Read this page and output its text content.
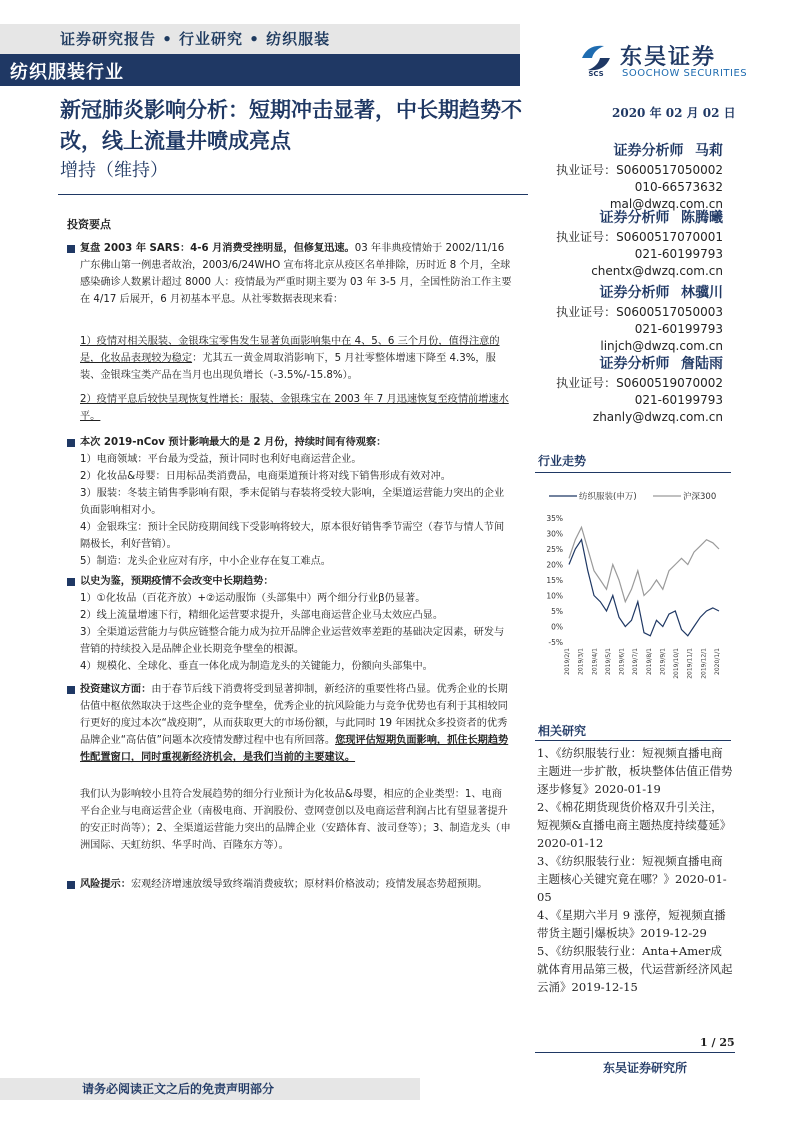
证券研究报告 • 行业研究 • 纺织服装
纺织服装行业	SCS
东吴证券
SOOCHOW SECURITIES
新冠肺炎影响分析：短期冲击显著，中长期趋势不改，线上流量井喷成亮点
增持（维持）
2020 年 02 月 02 日
证券分析师 马莉
执业证号：S0600517050002
010-66573632
mal@dwzq.com.cn
证券分析师 陈腾曦
执业证号：S0600517070001
021-60199793
chentx@dwzq.com.cn
证券分析师 林骥川
执业证号：S0600517050003
021-60199793
linjch@dwzq.com.cn
证券分析师 詹陆雨
执业证号：S0600519070002
021-60199793
zhanly@dwzq.com.cn
投资要点
复盘 2003 年 SARS：4-6 月消费受挫明显，但修复迅速。03 年非典疫情始于 2002/11/16 广东佛山第一例患者故治，2003/6/24WHO 宣布将北京从疫区名单排除，历时近 8 个月，全球感染确诊人数累计超过 8000 人：疫情最为严重时期主要为 03 年 3-5 月，全国性防治工作主要在 4/17 后展开，6 月初基本平息。从社零数据表现来看：
1）疫情对相关服装、金银珠宝零售发生显著负面影响集中在 4、5、6 三个月份，值得注意的是，化妆品表现较为稳定：尤其五一黄金周取消影响下，5 月社零整体增速下降至 4.3%，服装、金银珠宝类产品在当月也出现负增长（-3.5%/-15.8%）。
2）疫情平息后较快呈现恢复性增长：服装、金银珠宝在 2003 年 7 月迅速恢复至疫情前增速水平。
本次 2019-nCov 预计影响最大的是 2 月份，持续时间有待观察：
1）电商领域：平台最为受益，预计同时也利好电商运营企业。
2）化妆品&母婴：日用标品类消费品，电商渠道预计将对线下销售形成有效对冲。
3）服装：冬装主销售季影响有限，季末促销与春装将受较大影响，全渠道运营能力突出的企业负面影响相对小。
4）金银珠宝：预计全民防疫期间线下受影响将较大，原本很好销售季节需空（春节与情人节间隔极长，利好营销）。
5）制造：龙头企业应对有序，中小企业存在复工难点。
以史为鉴，预期疫情不会改变中长期趋势：
1）①化妆品（百花齐放）+②运动服饰（头部集中）两个细分行业β仍显著。
2）线上流量增速下行，精细化运营要求提升，头部电商运营企业马太效应凸显。
3）全渠道运营能力与供应链整合能力成为拉开品牌企业运营效率差距的基础决定因素，研发与营销的持续投入是品牌企业长期竞争壁垒的根源。
4）规模化、全球化、垂直一体化成为制造龙头的关键能力，份额向头部集中。
投资建议方面：由于春节后线下消费将受到显著抑制，新经济的重要性将凸显。优秀企业的长期估值中枢依然取决于这些企业的竞争壁垒，优秀企业的抗风险能力与竞争优势也有利于其相较同行更好的度过本次“战疫期”，从而获取更大的市场份额，与此同时 19 年困扰众多投资者的优秀品牌企业“高估值”问题本次疫情发酵过程中也有所回落。您现评估短期负面影响，抓住长期趋势性配置窗口，同时重视新经济机会，是我们当前的主要建议。
我们认为影响较小且符合发展趋势的细分行业预计为化妆品&母婴，相应的企业类型：1、电商平台企业与电商运营企业（南极电商、开润股份、壹网壹创以及电商运营利润占比有望显著提升的安正时尚等）；2、全渠道运营能力突出的品牌企业（安踏体育、波司登等）；3、制造龙头（申洲国际、天虹纺织、华孚时尚、百隆东方等）。
风险提示：宏观经济增速放缓导致终端消费疲软；原材料价格波动；疫情发展态势超预期。
行业走势
纺织服装(申万)	沪深300
35%
30%
25%
20%
15%
10%
5%
0%
-5%
2019/2/1 2019/3/1 2019/4/1 2019/5/1 2019/6/1 2019/7/1 2019/8/1 2019/9/1 2019/10/1 2019/11/1 2019/12/1 2020/1/1
相关研究
1、《纺织服装行业：短视频直播电商主题进一步扩散，板块整体估值正借势逐步修复》2020-01-19
2、《棉花期货现货价格双升引关注，短视频&直播电商主题热度持续蔓延》2020-01-12
3、《纺织服装行业：短视频直播电商主题核心关键究竟在哪？》2020-01-05
4、《星期六半月 9 涨停，短视频直播带货主题引爆板块》2019-12-29
5、《纺织服装行业：Anta+Amer成就体育用品第三极，代运营新经济风起云涌》2019-12-15
1 / 25
东吴证券研究所
请务必阅读正文之后的免责声明部分
